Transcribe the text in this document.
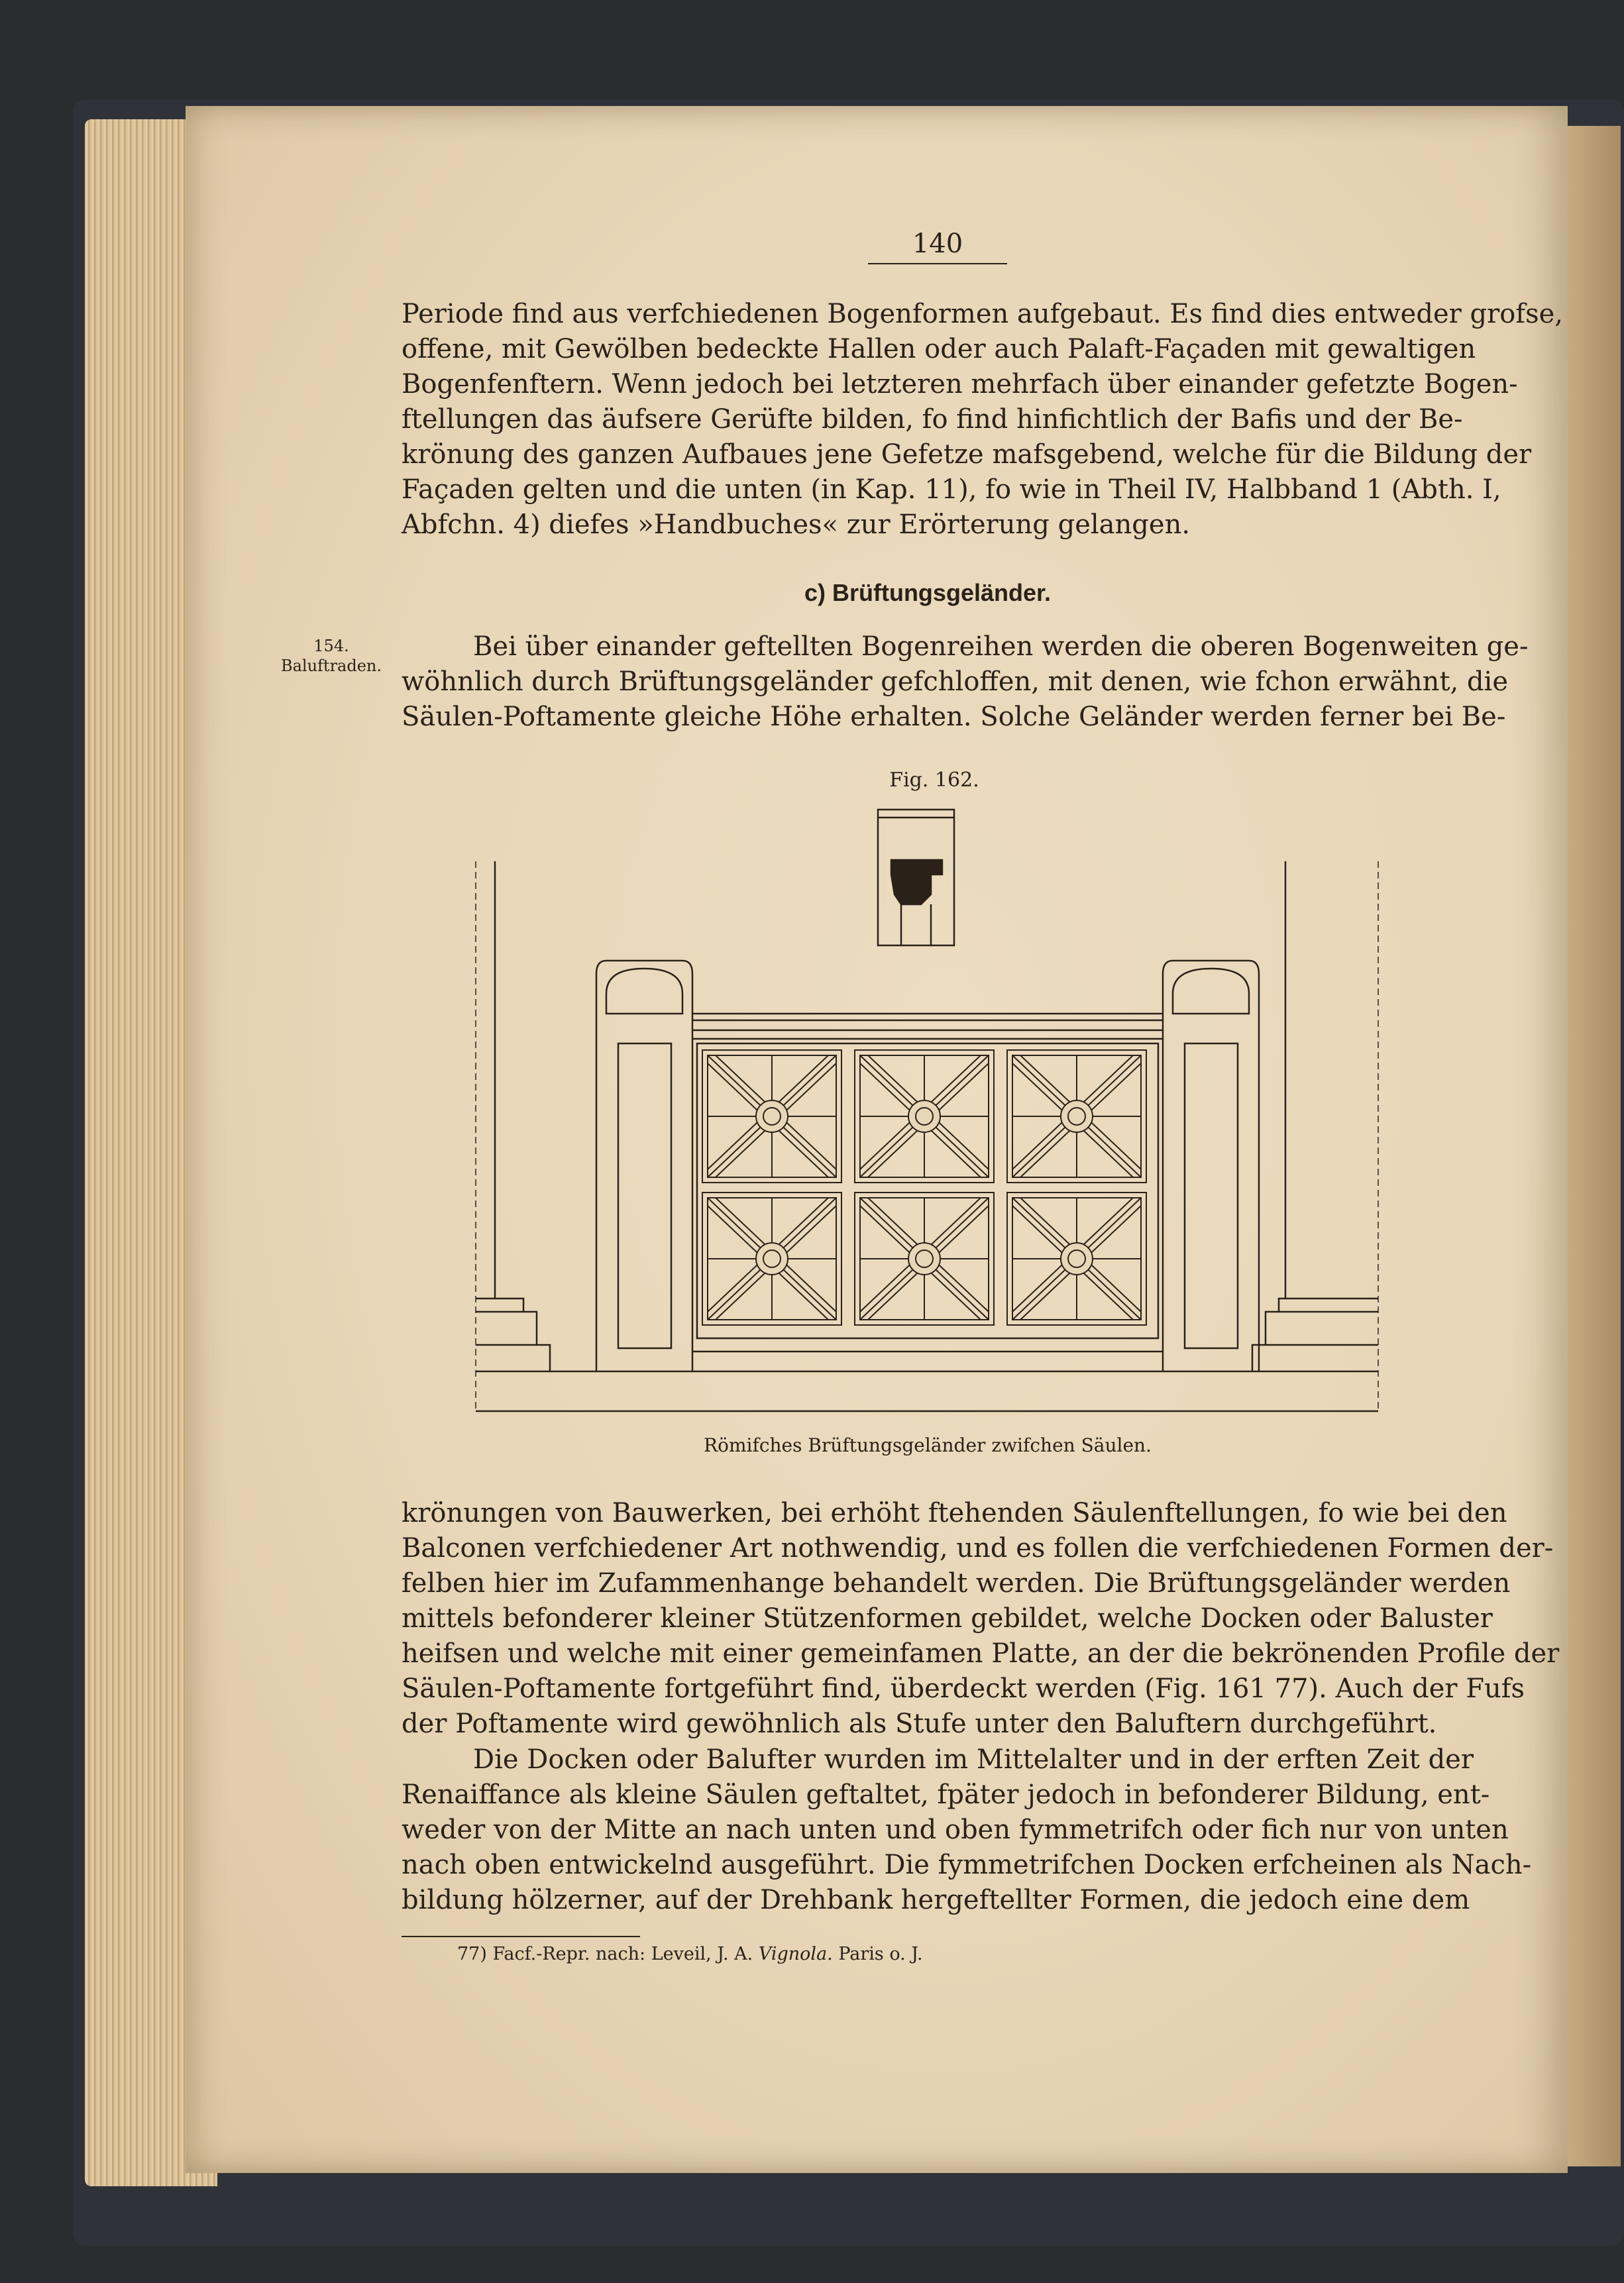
140
Periode find aus verfchiedenen Bogenformen aufgebaut. Es find dies entweder grofse,
offene, mit Gewölben bedeckte Hallen oder auch Palaft-Façaden mit gewaltigen
Bogenfenftern. Wenn jedoch bei letzteren mehrfach über einander gefetzte Bogen-
ftellungen das äufsere Gerüfte bilden, fo find hinfichtlich der Bafis und der Be-
krönung des ganzen Aufbaues jene Gefetze mafsgebend, welche für die Bildung der
Façaden gelten und die unten (in Kap. 11), fo wie in Theil IV, Halbband 1 (Abth. I,
Abfchn. 4) diefes »Handbuches« zur Erörterung gelangen.
c) Brüftungsgeländer.
154.
Baluftraden.
Bei über einander geftellten Bogenreihen werden die oberen Bogenweiten ge-
wöhnlich durch Brüftungsgeländer gefchloffen, mit denen, wie fchon erwähnt, die
Säulen-Poftamente gleiche Höhe erhalten. Solche Geländer werden ferner bei Be-
Fig. 162.
Römifches Brüftungsgeländer zwifchen Säulen.
krönungen von Bauwerken, bei erhöht ftehenden Säulenftellungen, fo wie bei den
Balconen verfchiedener Art nothwendig, und es follen die verfchiedenen Formen der-
felben hier im Zufammenhange behandelt werden. Die Brüftungsgeländer werden
mittels befonderer kleiner Stützenformen gebildet, welche Docken oder Baluster
heifsen und welche mit einer gemeinfamen Platte, an der die bekrönenden Profile der
Säulen-Poftamente fortgeführt find, überdeckt werden (Fig. 161 77). Auch der Fufs
der Poftamente wird gewöhnlich als Stufe unter den Baluftern durchgeführt.
Die Docken oder Balufter wurden im Mittelalter und in der erften Zeit der
Renaiffance als kleine Säulen geftaltet, fpäter jedoch in befonderer Bildung, ent-
weder von der Mitte an nach unten und oben fymmetrifch oder fich nur von unten
nach oben entwickelnd ausgeführt. Die fymmetrifchen Docken erfcheinen als Nach-
bildung hölzerner, auf der Drehbank hergeftellter Formen, die jedoch eine dem
77) Facf.-Repr. nach: Leveil, J. A. Vignola. Paris o. J.
